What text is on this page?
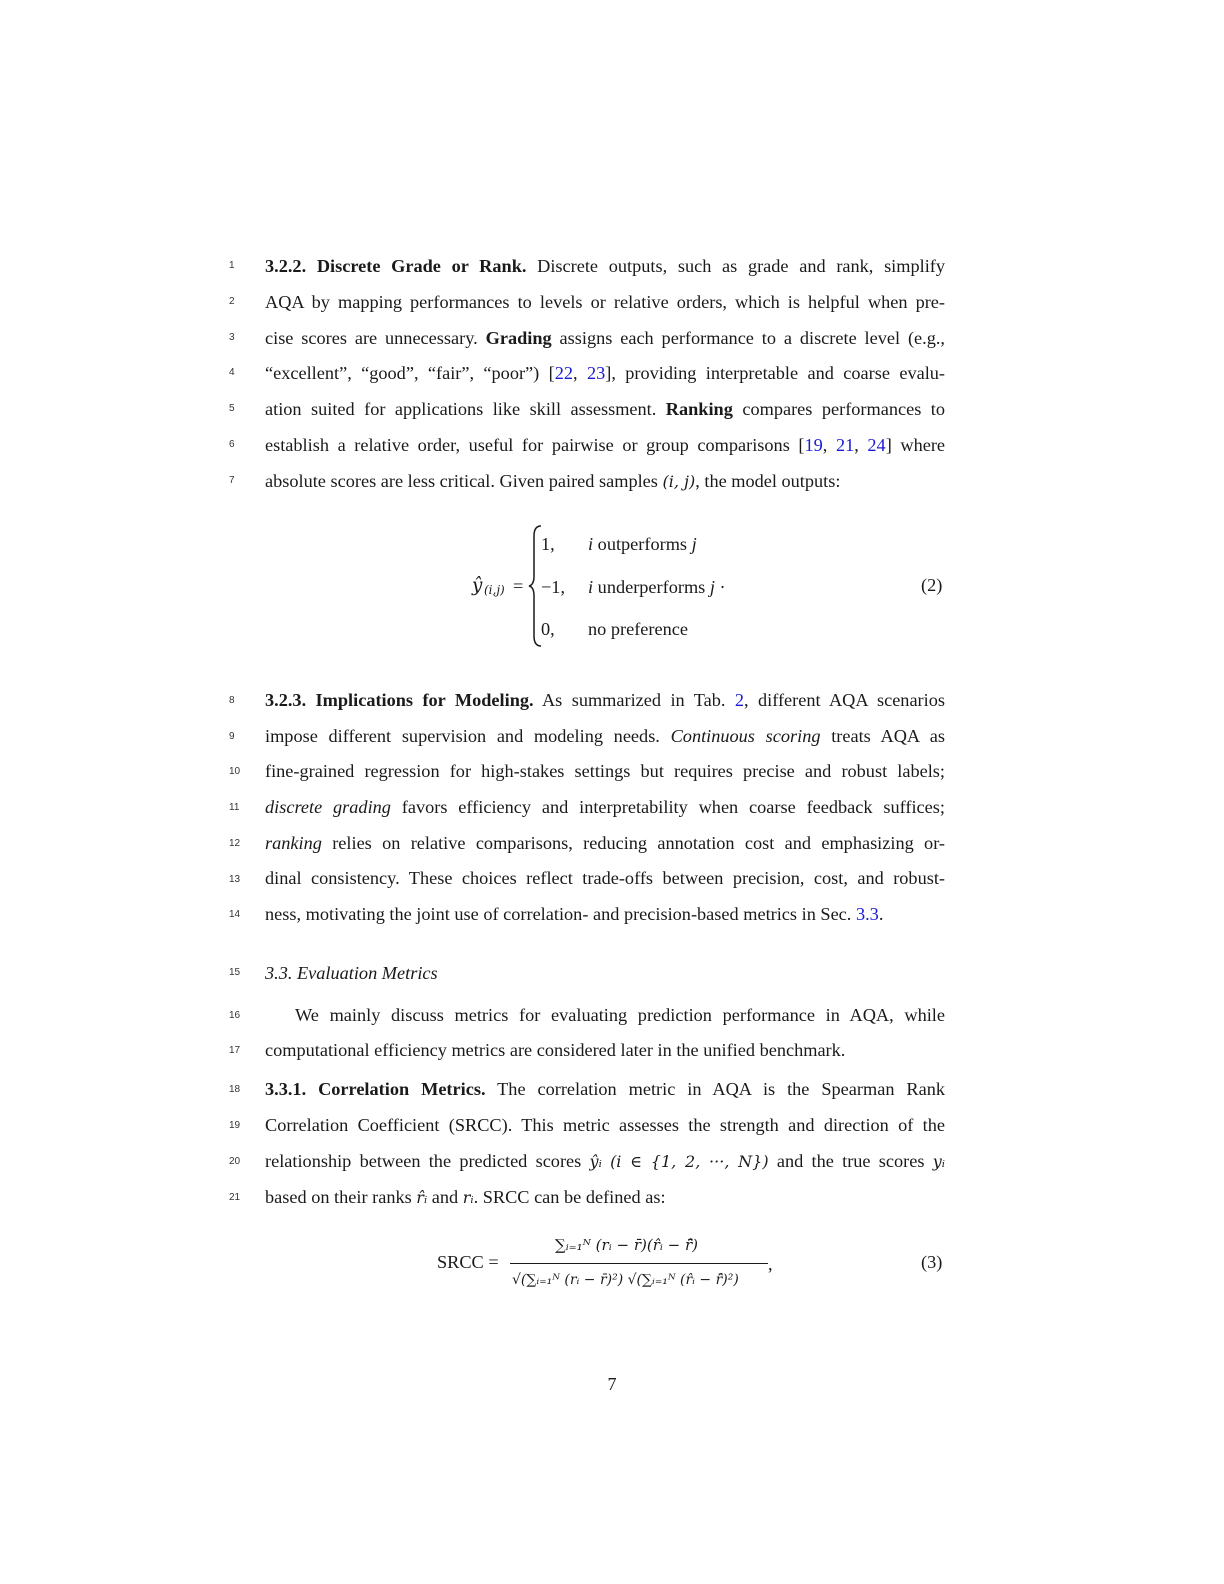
1
2
3
4
5
6
7
8
9
10
11
12
13
14
15
16
17
18
19
20
21
3.2.2. Discrete Grade or Rank. Discrete outputs, such as grade and rank, simplify
AQA by mapping performances to levels or relative orders, which is helpful when pre-
cise scores are unnecessary. Grading assigns each performance to a discrete level (e.g.,
“excellent”, “good”, “fair”, “poor”) [22, 23], providing interpretable and coarse evalu-
ation suited for applications like skill assessment. Ranking compares performances to
establish a relative order, useful for pairwise or group comparisons [19, 21, 24] where
absolute scores are less critical. Given paired samples (i, j), the model outputs:
ŷ (i,j) =
1, i outperforms j
−1, i underperforms j ·
0, no preference
(2)
3.2.3. Implications for Modeling. As summarized in Tab. 2, different AQA scenarios
impose different supervision and modeling needs. Continuous scoring treats AQA as
fine-grained regression for high-stakes settings but requires precise and robust labels;
discrete grading favors efficiency and interpretability when coarse feedback suffices;
ranking relies on relative comparisons, reducing annotation cost and emphasizing or-
dinal consistency. These choices reflect trade-offs between precision, cost, and robust-
ness, motivating the joint use of correlation- and precision-based metrics in Sec. 3.3.
3.3. Evaluation Metrics
We mainly discuss metrics for evaluating prediction performance in AQA, while
computational efficiency metrics are considered later in the unified benchmark.
3.3.1. Correlation Metrics. The correlation metric in AQA is the Spearman Rank
Correlation Coefficient (SRCC). This metric assesses the strength and direction of the
relationship between the predicted scores ŷᵢ (i ∈ {1, 2, ···, N}) and the true scores yᵢ
based on their ranks r̂ᵢ and rᵢ. SRCC can be defined as:
SRCC =
∑ᵢ₌₁ᴺ (rᵢ − r̄)(r̂ᵢ − r̂̄)
√(∑ᵢ₌₁ᴺ (rᵢ − r̄)²) √(∑ᵢ₌₁ᴺ (r̂ᵢ − r̂̄)²)
,	(3)
7
